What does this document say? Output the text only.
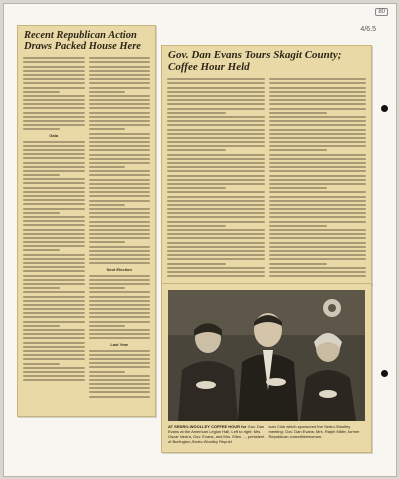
80
4/6.5
Recent Republican Action Draws Packed House Here
Gala
Next Election
Last Year
Gov. Dan Evans Tours Skagit County; Coffee Hour Held
AT SEDRO-WOOLLEY COFFEE HOUR for Gov. Dan Evans at the American Legion Hall. Left to right: Mrs. Oscar Vavira, Gov. Evans, and Mrs. Ellen ..., president of Burlington-Sedro-Woolley Republ
ican Club which sponsored the Sedro-Woolley meeting: Gov. Dan Evans; Mrs. Ralph Miller, former Republican committeewoman.
